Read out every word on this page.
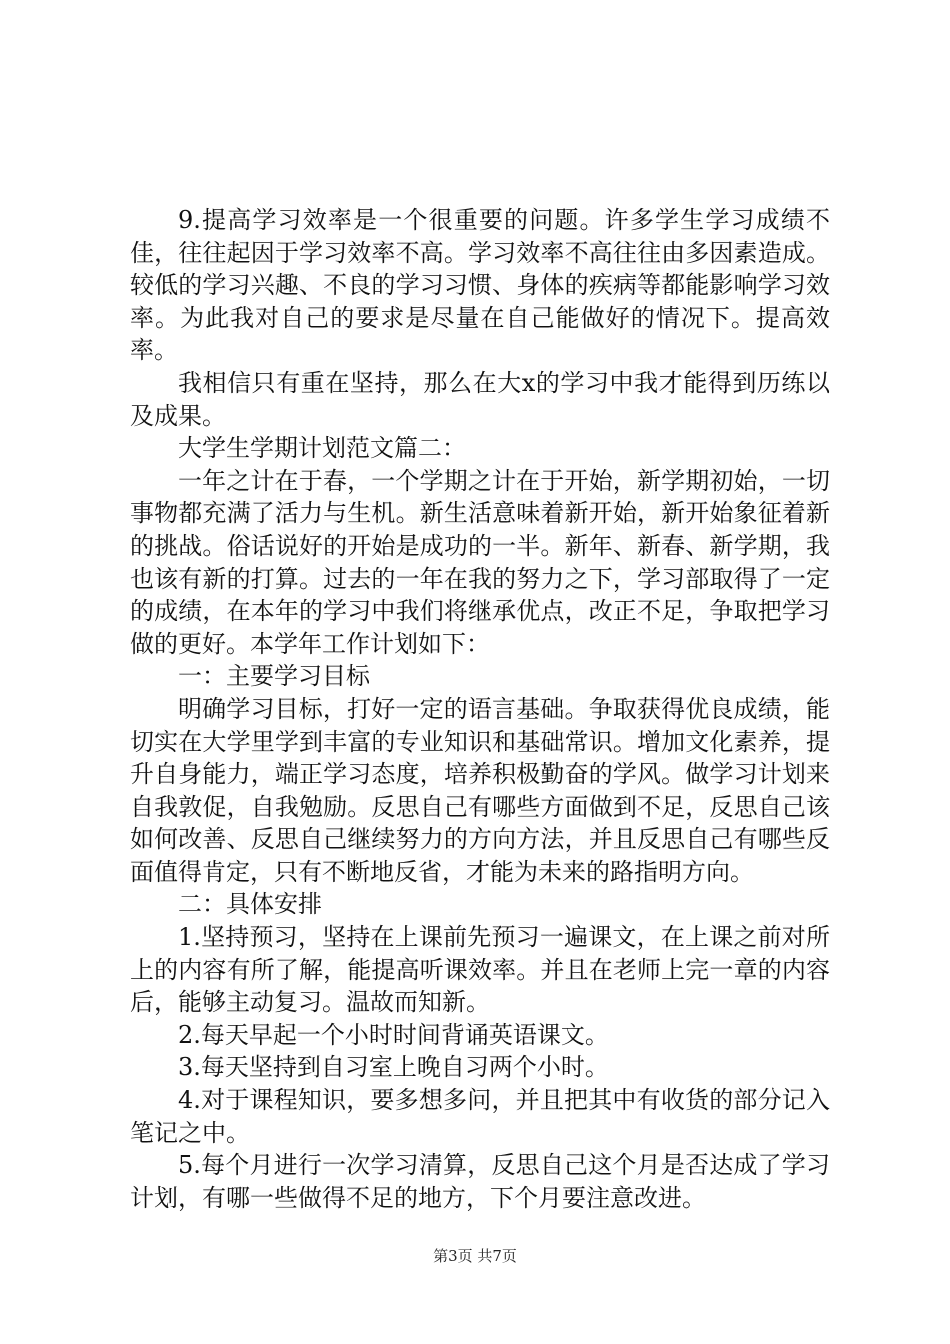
9.提高学习效率是一个很重要的问题。许多学生学习成绩不佳，往往起因于学习效率不高。学习效率不高往往由多因素造成。较低的学习兴趣、不良的学习习惯、身体的疾病等都能影响学习效率。为此我对自己的要求是尽量在自己能做好的情况下。提高效率。

我相信只有重在坚持，那么在大x的学习中我才能得到历练以及成果。

大学生学期计划范文篇二：

一年之计在于春，一个学期之计在于开始，新学期初始，一切事物都充满了活力与生机。新生活意味着新开始，新开始象征着新的挑战。俗话说好的开始是成功的一半。新年、新春、新学期，我也该有新的打算。过去的一年在我的努力之下，学习部取得了一定的成绩，在本年的学习中我们将继承优点，改正不足，争取把学习做的更好。本学年工作计划如下：

一：主要学习目标

明确学习目标，打好一定的语言基础。争取获得优良成绩，能切实在大学里学到丰富的专业知识和基础常识。增加文化素养，提升自身能力，端正学习态度，培养积极勤奋的学风。做学习计划来自我敦促，自我勉励。反思自己有哪些方面做到不足，反思自己该如何改善、反思自己继续努力的方向方法，并且反思自己有哪些反面值得肯定，只有不断地反省，才能为未来的路指明方向。

二：具体安排

1.坚持预习，坚持在上课前先预习一遍课文，在上课之前对所上的内容有所了解，能提高听课效率。并且在老师上完一章的内容后，能够主动复习。温故而知新。

2.每天早起一个小时时间背诵英语课文。

3.每天坚持到自习室上晚自习两个小时。

4.对于课程知识，要多想多问，并且把其中有收货的部分记入笔记之中。

5.每个月进行一次学习清算，反思自己这个月是否达成了学习计划，有哪一些做得不足的地方，下个月要注意改进。

第3页 共7页
